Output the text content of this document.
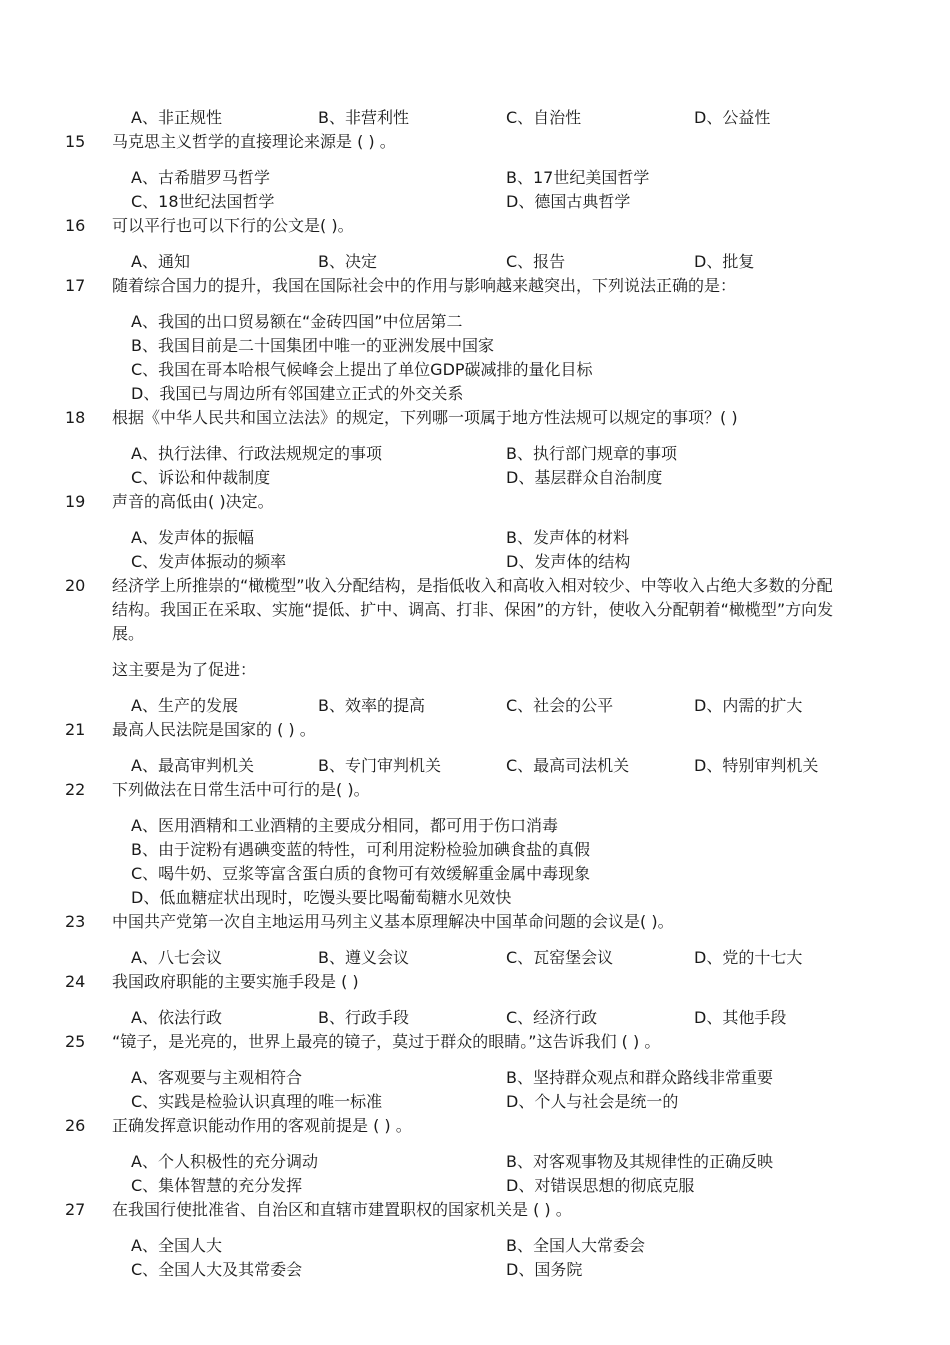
A、非正规性	B、非营利性	C、自治性	D、公益性
15	马克思主义哲学的直接理论来源是 ( ) 。
A、古希腊罗马哲学	B、17世纪美国哲学
C、18世纪法国哲学	D、德国古典哲学
16	可以平行也可以下行的公文是( )。
A、通知	B、决定	C、报告	D、批复
17	随着综合国力的提升，我国在国际社会中的作用与影响越来越突出，下列说法正确的是：
A、我国的出口贸易额在“金砖四国”中位居第二
B、我国目前是二十国集团中唯一的亚洲发展中国家
C、我国在哥本哈根气候峰会上提出了单位GDP碳减排的量化目标
D、我国已与周边所有邻国建立正式的外交关系
18	根据《中华人民共和国立法法》的规定，下列哪一项属于地方性法规可以规定的事项？( )
A、执行法律、行政法规规定的事项	B、执行部门规章的事项
C、诉讼和仲裁制度	D、基层群众自治制度
19	声音的高低由( )决定。
A、发声体的振幅	B、发声体的材料
C、发声体振动的频率	D、发声体的结构
20	经济学上所推崇的“橄榄型”收入分配结构，是指低收入和高收入相对较少、中等收入占绝大多数的分配
结构。我国正在采取、实施“提低、扩中、调高、打非、保困”的方针，使收入分配朝着“橄榄型”方向发
展。
这主要是为了促进：
A、生产的发展	B、效率的提高	C、社会的公平	D、内需的扩大
21	最高人民法院是国家的 ( ) 。
A、最高审判机关	B、专门审判机关	C、最高司法机关	D、特别审判机关
22	下列做法在日常生活中可行的是( )。
A、医用酒精和工业酒精的主要成分相同，都可用于伤口消毒
B、由于淀粉有遇碘变蓝的特性，可利用淀粉检验加碘食盐的真假
C、喝牛奶、豆浆等富含蛋白质的食物可有效缓解重金属中毒现象
D、低血糖症状出现时，吃馒头要比喝葡萄糖水见效快
23	中国共产党第一次自主地运用马列主义基本原理解决中国革命问题的会议是( )。
A、八七会议	B、遵义会议	C、瓦窑堡会议	D、党的十七大
24	我国政府职能的主要实施手段是 ( )
A、依法行政	B、行政手段	C、经济行政	D、其他手段
25	“镜子，是光亮的，世界上最亮的镜子，莫过于群众的眼睛。”这告诉我们 ( ) 。
A、客观要与主观相符合	B、坚持群众观点和群众路线非常重要
C、实践是检验认识真理的唯一标准	D、个人与社会是统一的
26	正确发挥意识能动作用的客观前提是 ( ) 。
A、个人积极性的充分调动	B、对客观事物及其规律性的正确反映
C、集体智慧的充分发挥	D、对错误思想的彻底克服
27	在我国行使批准省、自治区和直辖市建置职权的国家机关是 ( ) 。
A、全国人大	B、全国人大常委会
C、全国人大及其常委会	D、国务院
